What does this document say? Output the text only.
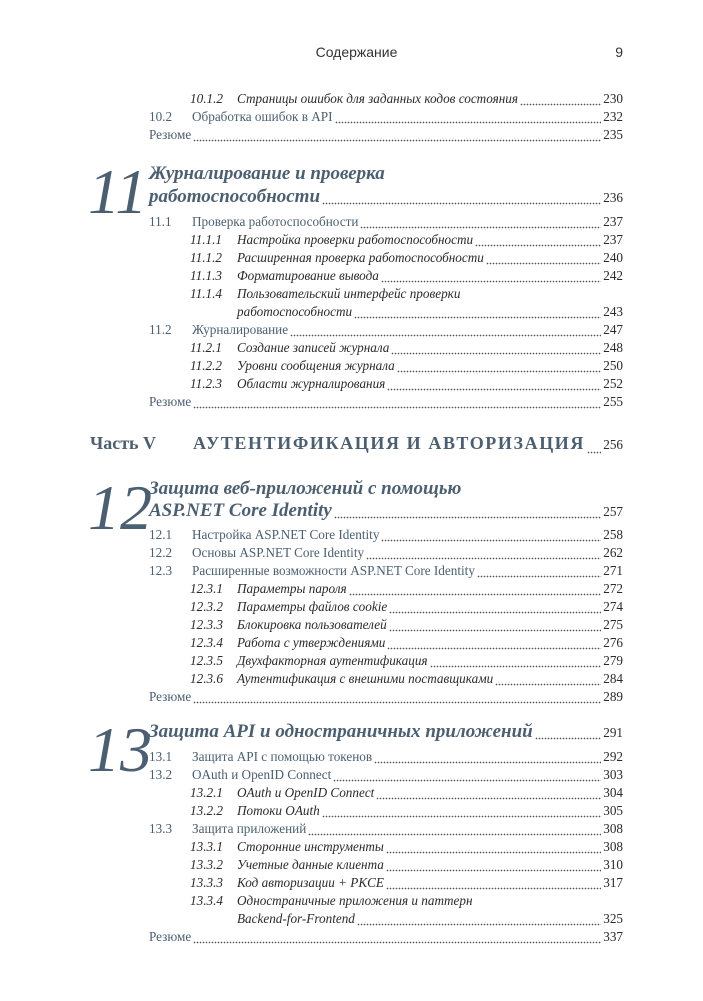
Содержание	9
10.1.2 Страницы ошибок для заданных кодов состояния	230
10.2 Обработка ошибок в API	232
Резюме	235
11 Журналирование и проверка
работоспособности	236
11.1 Проверка работоспособности	237
11.1.1 Настройка проверки работоспособности	237
11.1.2 Расширенная проверка работоспособности	240
11.1.3 Форматирование вывода	242
11.1.4 Пользовательский интерфейс проверки
работоспособности	243
11.2 Журналирование	247
11.2.1 Создание записей журнала	248
11.2.2 Уровни сообщения журнала	250
11.2.3 Области журналирования	252
Резюме	255
Часть V	АУТЕНТИФИКАЦИЯ И АВТОРИЗАЦИЯ 256
12
Защита веб-приложений с помощью
ASP.NET Core Identity	257
12.1 Настройка ASP.NET Core Identity	258
12.2 Основы ASP.NET Core Identity	262
12.3 Расширенные возможности ASP.NET Core Identity	271
12.3.1 Параметры пароля	272
12.3.2 Параметры файлов cookie	274
12.3.3 Блокировка пользователей	275
12.3.4 Работа с утверждениями	276
12.3.5 Двухфакторная аутентификация	279
12.3.6 Аутентификация с внешними поставщиками	284
Резюме	289
13
Защита API и одностраничных приложений	291
13.1 Защита API с помощью токенов	292
13.2 OAuth и OpenID Connect	303
13.2.1 OAuth и OpenID Connect	304
13.2.2 Потоки OAuth	305
13.3 Защита приложений	308
13.3.1 Сторонние инструменты	308
13.3.2 Учетные данные клиента	310
13.3.3 Код авторизации + PKCE	317
13.3.4 Одностраничные приложения и паттерн
Backend-for-Frontend	325
Резюме	337
